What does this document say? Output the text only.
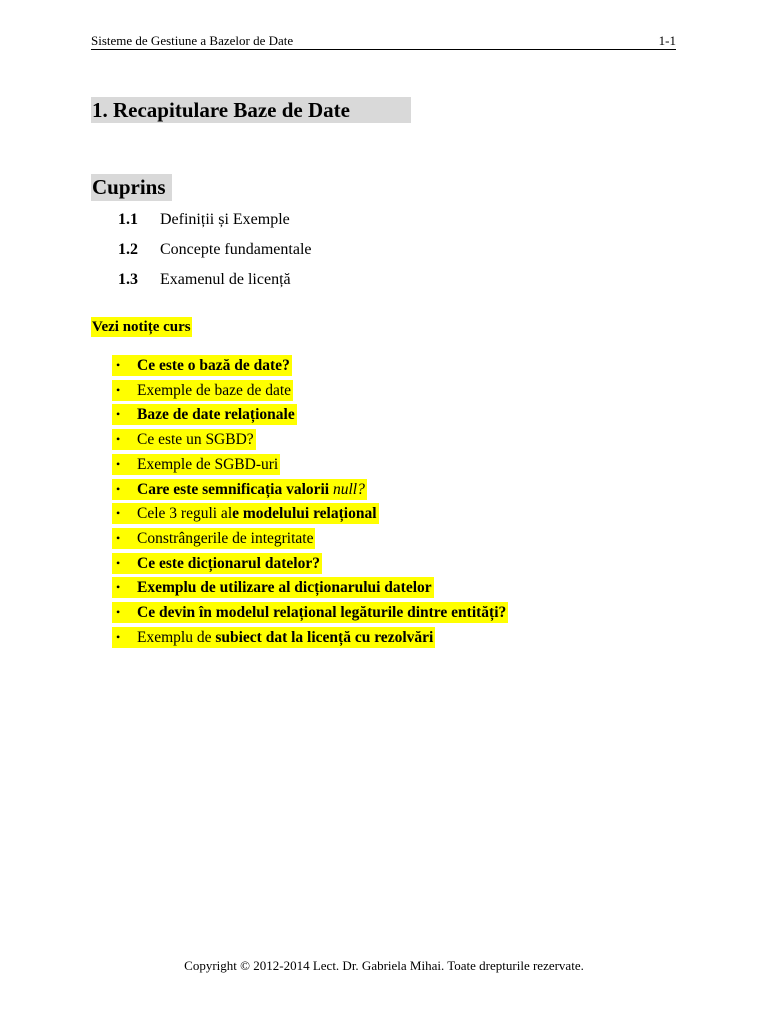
Sisteme de Gestiune a Bazelor de Date	1-1
1. Recapitulare Baze de Date
Cuprins
1.1 Definiții și Exemple
1.2 Concepte fundamentale
1.3 Examenul de licență
Vezi notițe curs
•	Ce este o bază de date?
•	Exemple de baze de date
•	Baze de date relaționale
•	Ce este un SGBD?
•	Exemple de SGBD-uri
•	Care este semnificația valorii null?
•	Cele 3 reguli ale modelului relațional
•	Constrângerile de integritate
•	Ce este dicționarul datelor?
•	Exemplu de utilizare al dicționarului datelor
•	Ce devin în modelul relațional legăturile dintre entități?
•	Exemplu de subiect dat la licență cu rezolvări
Copyright © 2012-2014 Lect. Dr. Gabriela Mihai. Toate drepturile rezervate.
